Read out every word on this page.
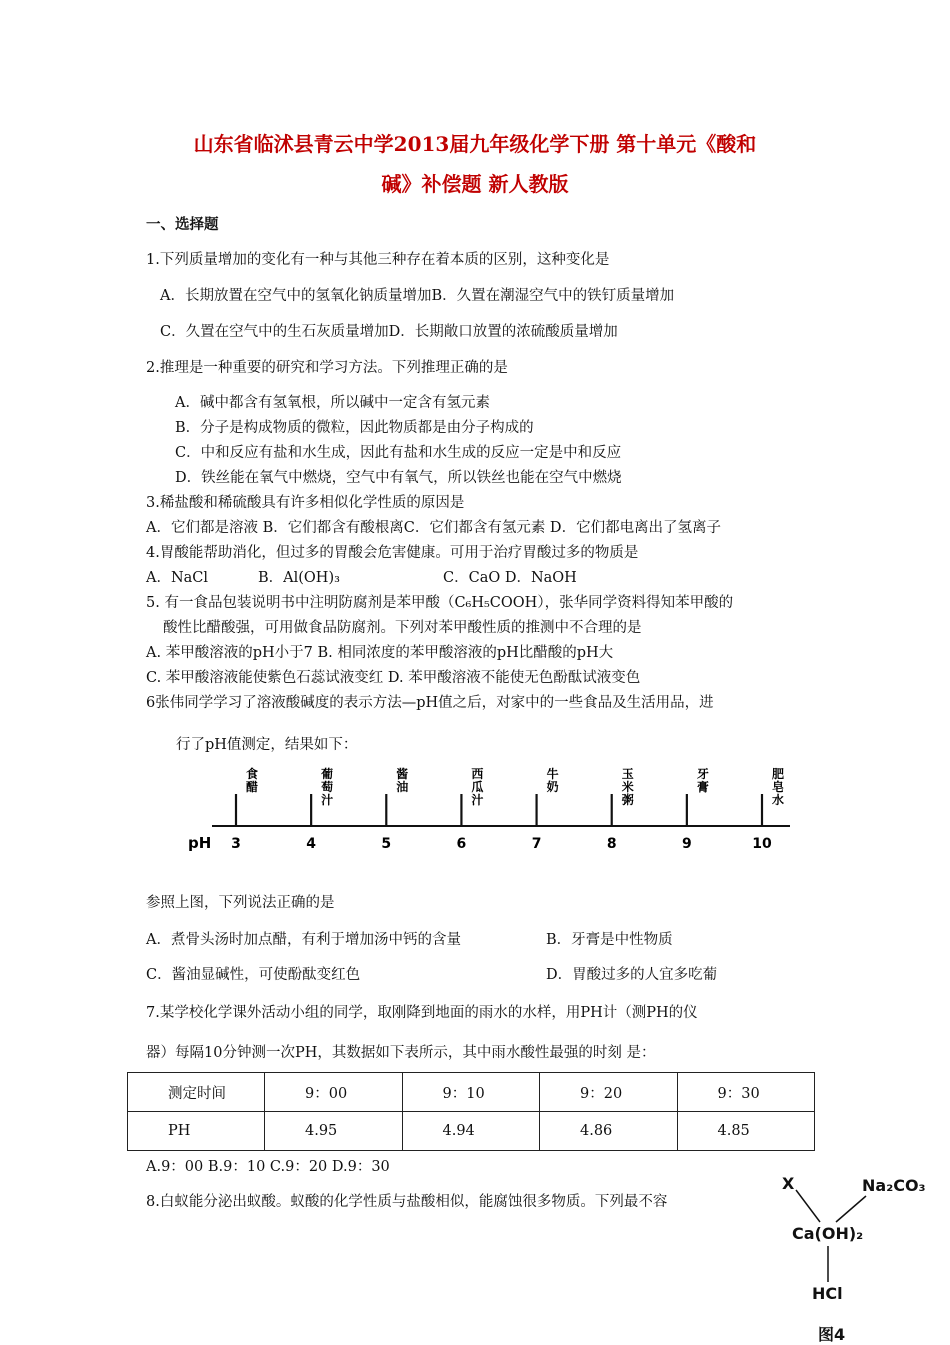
山东省临沭县青云中学2013届九年级化学下册 第十单元《酸和
碱》补偿题 新人教版
一、选择题
1.下列质量增加的变化有一种与其他三种存在着本质的区别，这种变化是
A．长期放置在空气中的氢氧化钠质量增加B．久置在潮湿空气中的铁钉质量增加
C．久置在空气中的生石灰质量增加D．长期敞口放置的浓硫酸质量增加
2.推理是一种重要的研究和学习方法。下列推理正确的是
A．碱中都含有氢氧根，所以碱中一定含有氢元素
B．分子是构成物质的微粒，因此物质都是由分子构成的
C．中和反应有盐和水生成，因此有盐和水生成的反应一定是中和反应
D．铁丝能在氧气中燃烧，空气中有氧气，所以铁丝也能在空气中燃烧
3.稀盐酸和稀硫酸具有许多相似化学性质的原因是
A．它们都是溶液 B．它们都含有酸根离C．它们都含有氢元素 D．它们都电离出了氢离子
4.胃酸能帮助消化，但过多的胃酸会危害健康。可用于治疗胃酸过多的物质是
A．NaCl	B．Al(OH)₃	C．CaO D．NaOH
5. 有一食品包装说明书中注明防腐剂是苯甲酸（C₆H₅COOH），张华同学资料得知苯甲酸的
酸性比醋酸强，可用做食品防腐剂。下列对苯甲酸性质的推测中不合理的是
A. 苯甲酸溶液的pH小于7 B. 相同浓度的苯甲酸溶液的pH比醋酸的pH大
C. 苯甲酸溶液能使紫色石蕊试液变红 D. 苯甲酸溶液不能使无色酚酞试液变色
6张伟同学学习了溶液酸碱度的表示方法—pH值之后，对家中的一些食品及生活用品，进
行了pH值测定，结果如下：
pH 3	4	5	6	7	8	9	10
食
醋
葡
萄
汁
酱
油
西
瓜
汁
牛
奶
玉
米
粥
牙
膏
肥
皂
水
参照上图，下列说法正确的是
A．煮骨头汤时加点醋，有利于增加汤中钙的含量	B．牙膏是中性物质
C．酱油显碱性，可使酚酞变红色	D．胃酸过多的人宜多吃葡
7.某学校化学课外活动小组的同学，取刚降到地面的雨水的水样，用PH计（测PH的仪
器）每隔10分钟测一次PH，其数据如下表所示，其中雨水酸性最强的时刻 是：
测定时间	9：00	9：10	9：20	9：30
PH	4.95	4.94	4.86	4.85
A.9：00 B.9：10 C.9：20 D.9：30
8.白蚁能分泌出蚁酸。蚁酸的化学性质与盐酸相似，能腐蚀很多物质。下列最不容
X	Na₂CO₃
Ca(OH)₂
HCl
图4
